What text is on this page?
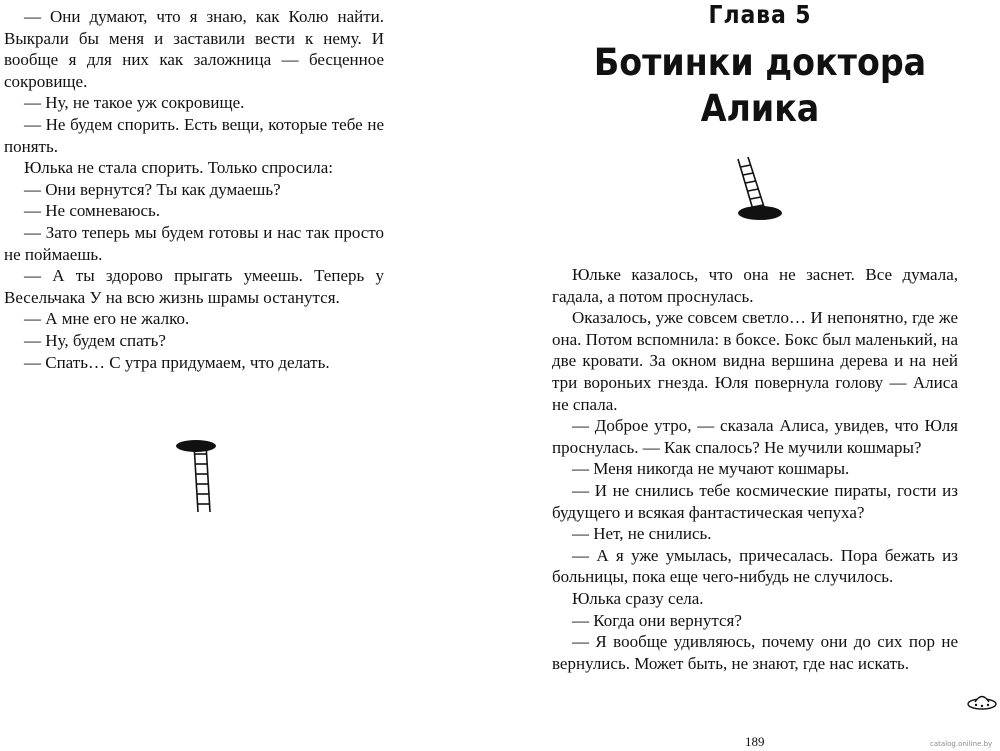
— Они думают, что я знаю, как Колю найти. Выкрали бы меня и заставили вести к нему. И вообще я для них как заложница — бесценное сокровище.

— Ну, не такое уж сокровище.

— Не будем спорить. Есть вещи, которые тебе не понять.

Юлька не стала спорить. Только спросила:

— Они вернутся? Ты как думаешь?

— Не сомневаюсь.

— Зато теперь мы будем готовы и нас так просто не поймаешь.

— А ты здорово прыгать умеешь. Теперь у Весельчака У на всю жизнь шрамы останутся.

— А мне его не жалко.

— Ну, будем спать?

— Спать… С утра придумаем, что делать.

Глава 5
Ботинки доктора Алика

Юльке казалось, что она не заснет. Все думала, гадала, а потом проснулась.

Оказалось, уже совсем светло… И непонятно, где же она. Потом вспомнила: в боксе. Бокс был маленький, на две кровати. За окном видна вершина дерева и на ней три вороньих гнезда. Юля повернула голову — Алиса не спала.

— Доброе утро, — сказала Алиса, увидев, что Юля проснулась. — Как спалось? Не мучили кошмары?

— Меня никогда не мучают кошмары.

— И не снились тебе космические пираты, гости из будущего и всякая фантастическая чепуха?

— Нет, не снились.

— А я уже умылась, причесалась. Пора бежать из больницы, пока еще чего-нибудь не случилось.

Юлька сразу села.

— Когда они вернутся?

— Я вообще удивляюсь, почему они до сих пор не вернулись. Может быть, не знают, где нас искать.

189	catalog.oniline.by
